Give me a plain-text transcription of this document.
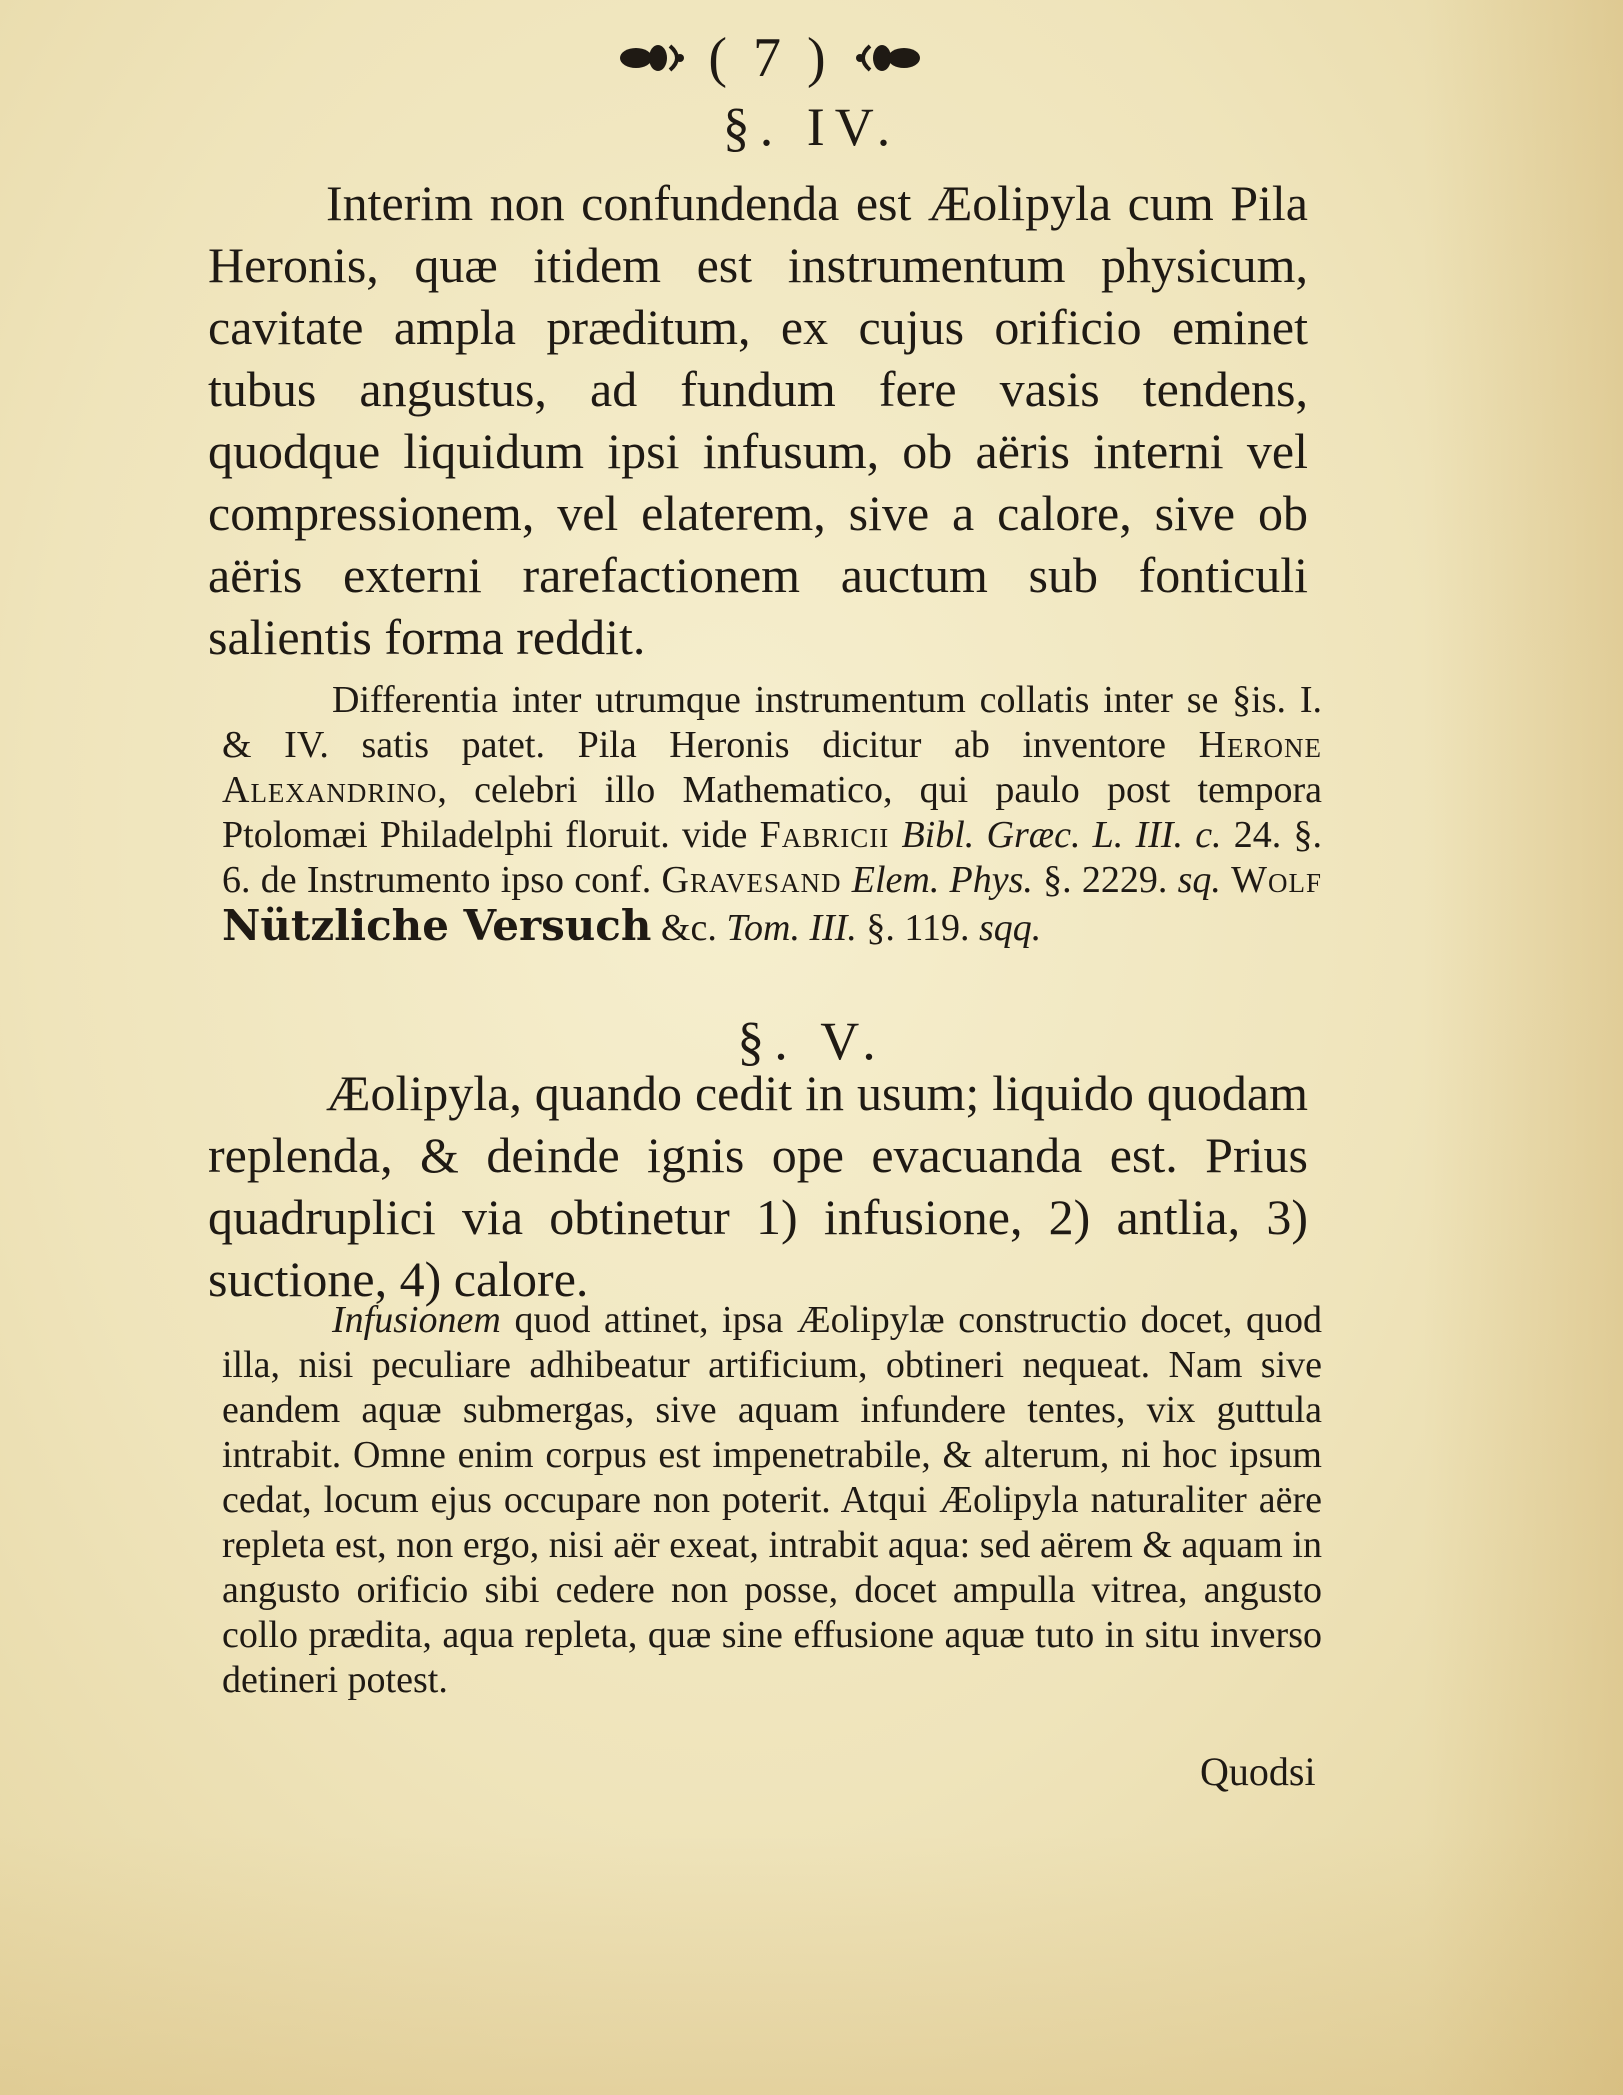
( 7 )
§. IV.

Interim non confundenda est Æolipyla cum Pila Heronis, quæ itidem est instrumentum physicum, cavitate ampla præditum, ex cujus orificio eminet tubus angustus, ad fundum fere vasis tendens, quodque liquidum ipsi infusum, ob aëris interni vel compressionem, vel elaterem, sive a calore, sive ob aëris externi rarefactionem auctum sub fonticuli salientis forma reddit.

Differentia inter utrumque instrumentum collatis inter se §is. I. & IV. satis patet. Pila Heronis dicitur ab inventore Herone Alexandrino, celebri illo Mathematico, qui paulo post tempora Ptolomæi Philadelphi floruit. vide Fabricii Bibl. Græc. L. III. c. 24. §. 6. de Instrumento ipso conf. Gravesand Elem. Phys. §. 2229. sq. Wolf Nützliche Versuch &c. Tom. III. §. 119. sqq.

§. V.

Æolipyla, quando cedit in usum; liquido quodam replenda, & deinde ignis ope evacuanda est. Prius quadruplici via obtinetur 1) infusione, 2) antlia, 3) suctione, 4) calore.

Infusionem quod attinet, ipsa Æolipylæ constructio docet, quod illa, nisi peculiare adhibeatur artificium, obtineri nequeat. Nam sive eandem aquæ submergas, sive aquam infundere tentes, vix guttula intrabit. Omne enim corpus est impenetrabile, & alterum, ni hoc ipsum cedat, locum ejus occupare non poterit. Atqui Æolipyla naturaliter aëre repleta est, non ergo, nisi aër exeat, intrabit aqua: sed aërem & aquam in angusto orificio sibi cedere non posse, docet ampulla vitrea, angusto collo prædita, aqua repleta, quæ sine effusione aquæ tuto in situ inverso detineri potest.

Quodsi
